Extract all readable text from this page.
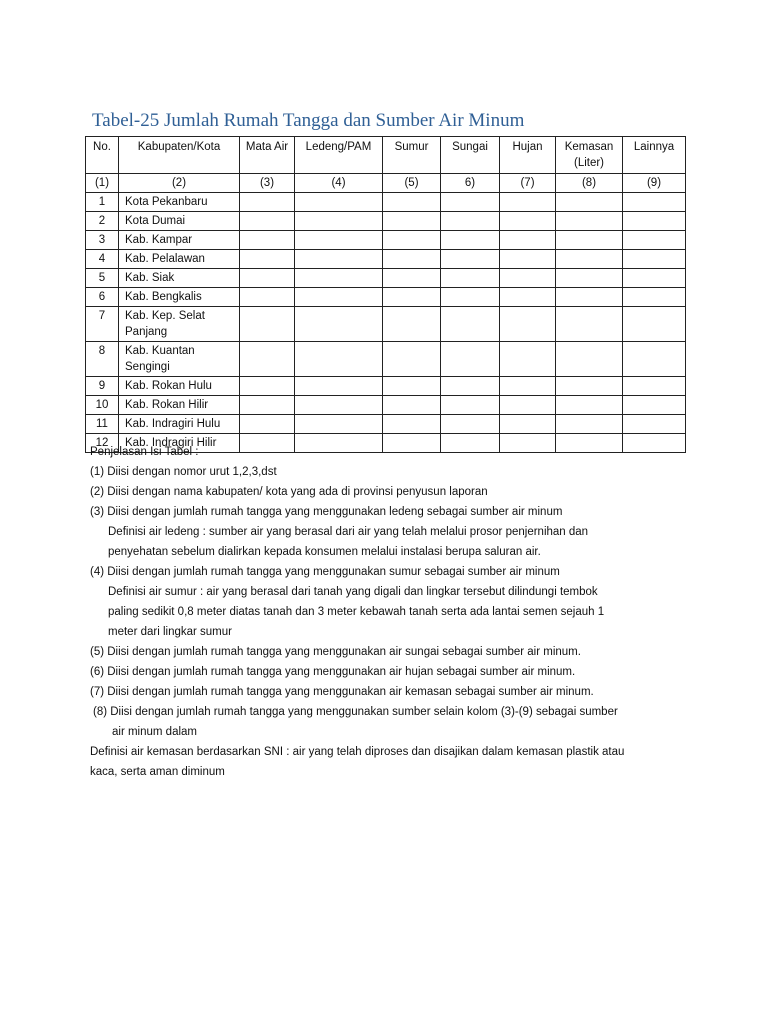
Tabel-25 Jumlah Rumah Tangga dan Sumber Air Minum
No.	Kabupaten/Kota	Mata Air	Ledeng/PAM	Sumur	Sungai	Hujan	Kemasan (Liter)	Lainnya
(1)	(2)	(3)	(4)	(5)	6)	(7)	(8)	(9)
1	Kota Pekanbaru							
2	Kota Dumai							
3	Kab. Kampar							
4	Kab. Pelalawan							
5	Kab. Siak							
6	Kab. Bengkalis							
7	Kab. Kep. Selat Panjang							
8	Kab. Kuantan Sengingi							
9	Kab. Rokan Hulu							
10	Kab. Rokan Hilir							
11	Kab. Indragiri Hulu							
12	Kab. Indragiri Hilir							
Penjelasan Isi Tabel :
(1) Diisi dengan nomor urut 1,2,3,dst
(2) Diisi dengan nama kabupaten/ kota yang ada di provinsi penyusun laporan
(3) Diisi dengan jumlah rumah tangga yang menggunakan ledeng sebagai sumber air minum
Definisi air ledeng : sumber air yang berasal dari air yang telah melalui prosor penjernihan dan
penyehatan sebelum dialirkan kepada konsumen melalui instalasi berupa saluran air.
(4) Diisi dengan jumlah rumah tangga yang menggunakan sumur sebagai sumber air minum
Definisi air sumur : air yang berasal dari tanah yang digali dan lingkar tersebut dilindungi tembok
paling sedikit 0,8 meter diatas tanah dan 3 meter kebawah tanah serta ada lantai semen sejauh 1
meter dari lingkar sumur
(5) Diisi dengan jumlah rumah tangga yang menggunakan air sungai sebagai sumber air minum.
(6) Diisi dengan jumlah rumah tangga yang menggunakan air hujan sebagai sumber air minum.
(7) Diisi dengan jumlah rumah tangga yang menggunakan air kemasan sebagai sumber air minum.
(8) Diisi dengan jumlah rumah tangga yang menggunakan sumber selain kolom (3)-(9) sebagai sumber
air minum dalam
Definisi air kemasan berdasarkan SNI : air yang telah diproses dan disajikan dalam kemasan plastik atau
kaca, serta aman diminum
